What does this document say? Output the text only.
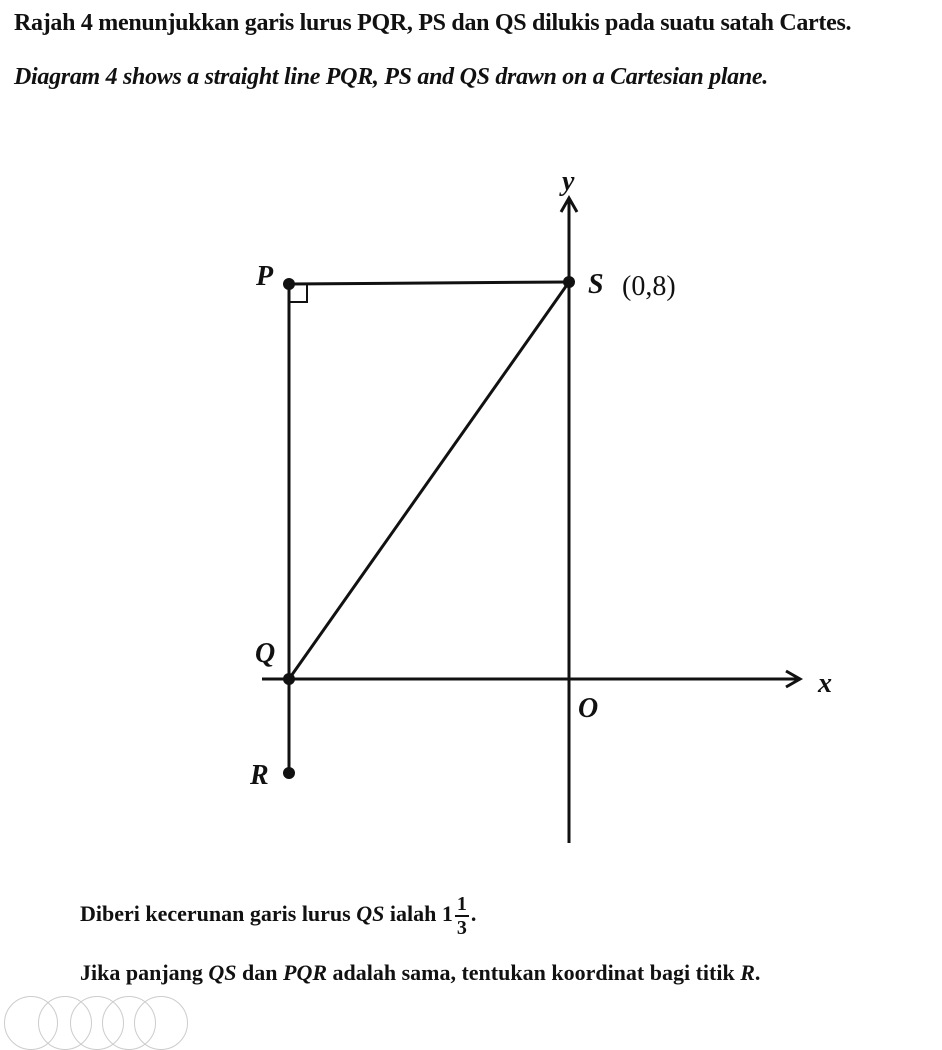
Rajah 4 menunjukkan garis lurus PQR, PS dan QS dilukis pada suatu satah Cartes.
Diagram 4 shows a straight line PQR, PS and QS drawn on a Cartesian plane.
y
x
O
P	S (0,8)
Q
R
Diberi kecerunan garis lurus QS ialah $1 \frac{1}{3}$ .
Jika panjang QS dan PQR adalah sama, tentukan koordinat bagi titik R.
